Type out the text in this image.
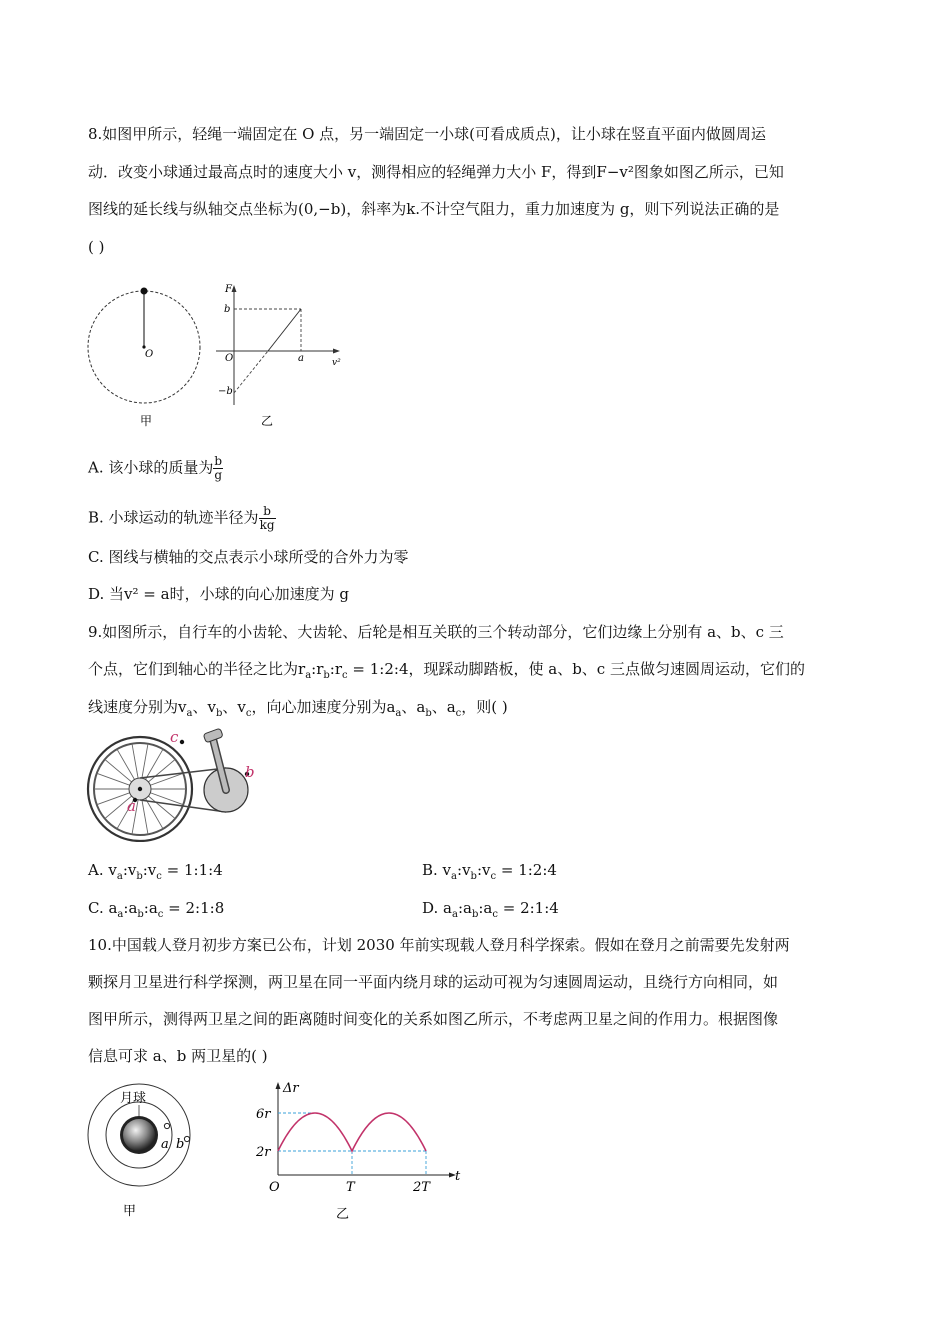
8.如图甲所示，轻绳一端固定在 O 点，另一端固定一小球(可看成质点)，让小球在竖直平面内做圆周运
动．改变小球通过最高点时的速度大小 v，测得相应的轻绳弹力大小 F，得到F−v²图象如图乙所示，已知
图线的延长线与纵轴交点坐标为(0,−b)，斜率为k.不计空气阻力，重力加速度为 g，则下列说法正确的是
( )
O
甲
F
b
O	a	v²
−b
乙
A. 该小球的质量为 $\frac{b}{g}$
B. 小球运动的轨迹半径为 $\frac{b}{kg}$
C. 图线与横轴的交点表示小球所受的合外力为零
D. 当v² = a时，小球的向心加速度为 g
9.如图所示，自行车的小齿轮、大齿轮、后轮是相互关联的三个转动部分，它们边缘上分别有 a、b、c 三
个点，它们到轴心的半径之比为$r_a:r_b:r_c$ = 1:2:4，现踩动脚踏板，使 a、b、c 三点做匀速圆周运动，它们的
线速度分别为$v_a$、$v_b$、$v_c$，向心加速度分别为$a_a$、$a_b$、$a_c$，则( )
c
b
a
A. $v_a:v_b:v_c$ = 1:1:4	B. $v_a:v_b:v_c$ = 1:2:4
C. $a_a:a_b:a_c$ = 2:1:8	D. $a_a:a_b:a_c$ = 2:1:4
10.中国载人登月初步方案已公布，计划 2030 年前实现载人登月科学探索。假如在登月之前需要先发射两
颗探月卫星进行科学探测，两卫星在同一平面内绕月球的运动可视为匀速圆周运动，且绕行方向相同，如
图甲所示，测得两卫星之间的距离随时间变化的关系如图乙所示，不考虑两卫星之间的作用力。根据图像
信息可求 a、b 两卫星的( )
月球
a b
甲
Δr
6r
2r
O	T	2T
t
乙
